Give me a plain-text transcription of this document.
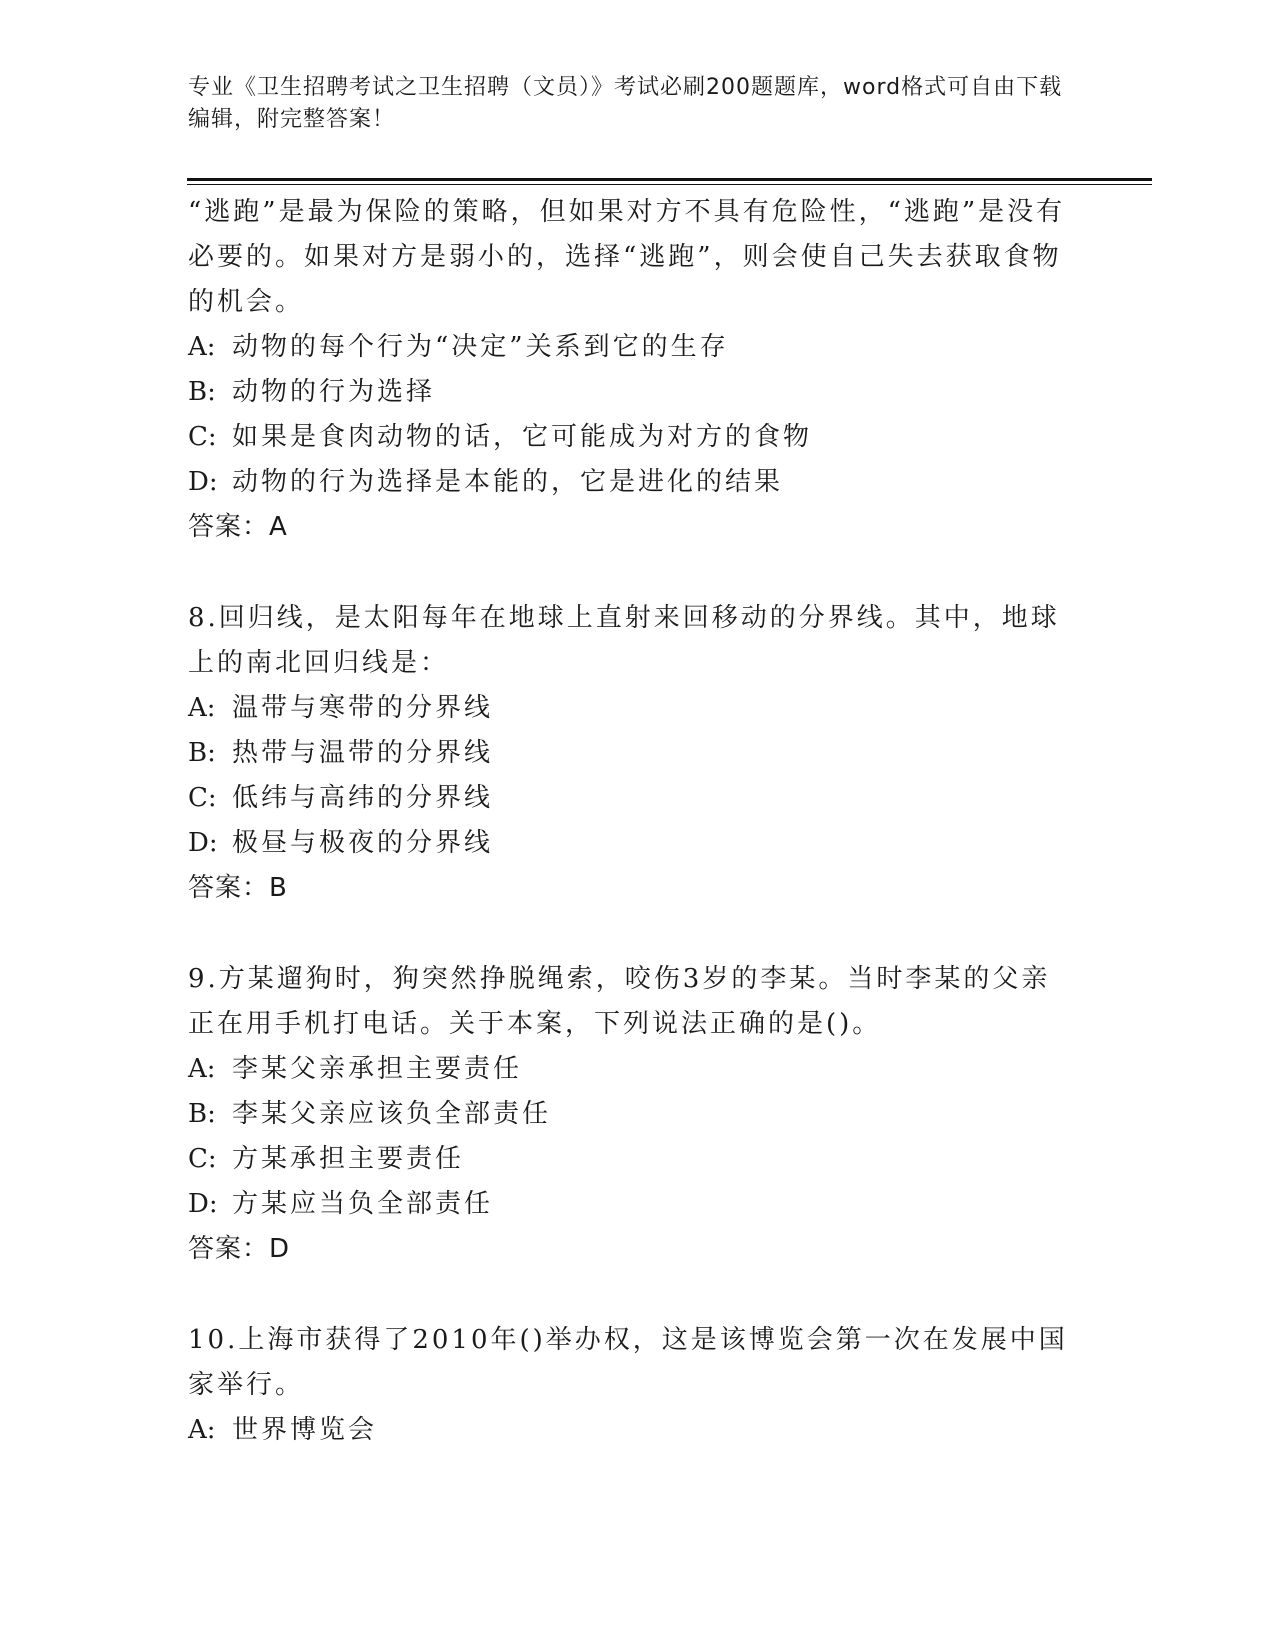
专业《卫生招聘考试之卫生招聘（文员）》考试必刷200题题库，word格式可自由下载编辑，附完整答案！

“逃跑”是最为保险的策略，但如果对方不具有危险性，“逃跑”是没有必要的。如果对方是弱小的，选择“逃跑”，则会使自己失去获取食物的机会。

A: 动物的每个行为“决定”关系到它的生存

B: 动物的行为选择

C: 如果是食肉动物的话，它可能成为对方的食物

D: 动物的行为选择是本能的，它是进化的结果

答案：A

8.回归线，是太阳每年在地球上直射来回移动的分界线。其中，地球上的南北回归线是：

A: 温带与寒带的分界线

B: 热带与温带的分界线

C: 低纬与高纬的分界线

D: 极昼与极夜的分界线

答案：B

9.方某遛狗时，狗突然挣脱绳索，咬伤3岁的李某。当时李某的父亲正在用手机打电话。关于本案，下列说法正确的是()。

A: 李某父亲承担主要责任

B: 李某父亲应该负全部责任

C: 方某承担主要责任

D: 方某应当负全部责任

答案：D

10.上海市获得了2010年()举办权，这是该博览会第一次在发展中国家举行。

A: 世界博览会
